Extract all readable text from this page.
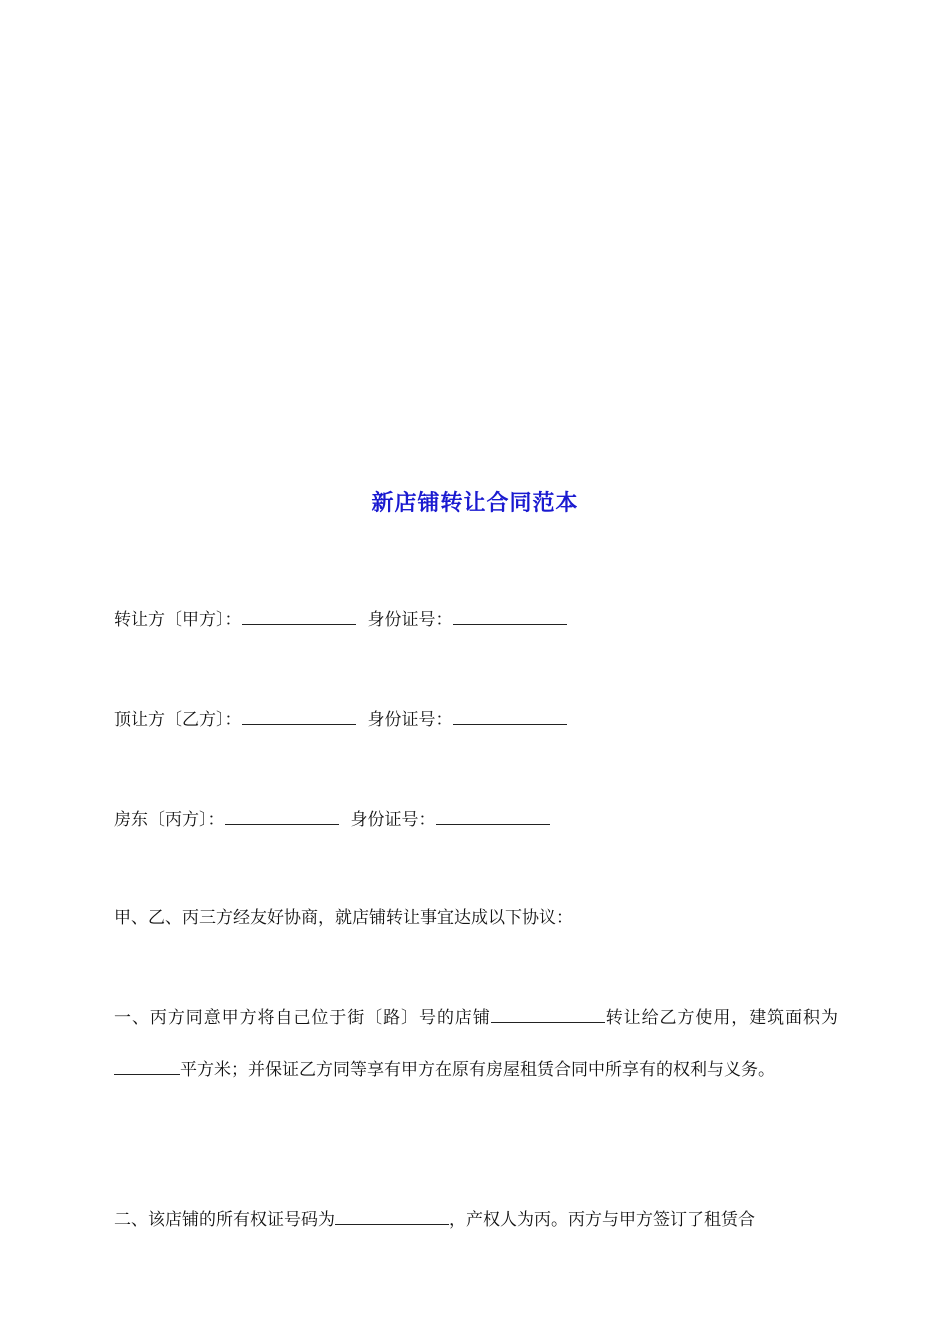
新店铺转让合同范本

转让方〔甲方〕：	身份证号：

顶让方〔乙方〕：	身份证号：

房东〔丙方〕：	身份证号：

甲、乙、丙三方经友好协商，就店铺转让事宜达成以下协议：

一、丙方同意甲方将自己位于街〔路〕号的店铺	转让给乙方使用，建筑面积为平方米；并保证乙方同等享有甲方在原有房屋租赁合同中所享有的权利与义务。

二、该店铺的所有权证号码为	，产权人为丙。丙方与甲方签订了租赁合
